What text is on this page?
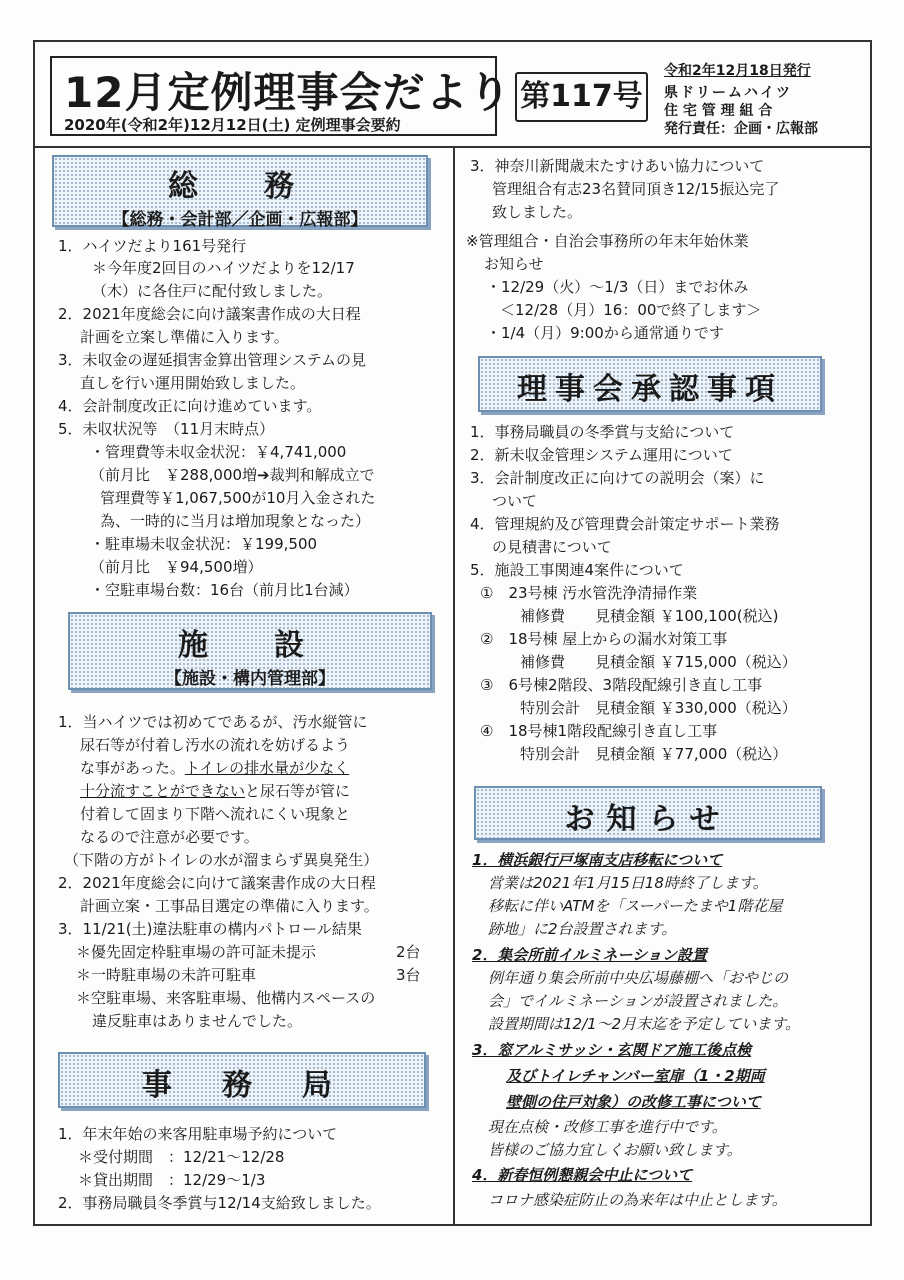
12月定例理事会だより
2020年(令和2年)12月12日(土) 定例理事会要約
第117号
令和2年12月18日発行
県ドリームハイツ
住 宅 管 理 組 合
発行責任：企画・広報部
総　務
【総務・会計部／企画・広報部】
1．ハイツだより161号発行
＊今年度2回目のハイツだよりを12/17
（木）に各住戸に配付致しました。
2．2021年度総会に向け議案書作成の大日程
計画を立案し準備に入ります。
3．未収金の遅延損害金算出管理システムの見
直しを行い運用開始致しました。
4．会計制度改正に向け進めています。
5．未収状況等　（11月末時点）
・管理費等未収金状況：￥4,741,000
（前月比　￥288,000増➔裁判和解成立で
管理費等￥1,067,500が10月入金された
為、一時的に当月は増加現象となった）
・駐車場未収金状況：￥199,500
（前月比　￥94,500増）
・空駐車場台数：16台（前月比1台減）
施　設
【施設・構内管理部】
1．当ハイツでは初めてであるが、汚水縦管に
尿石等が付着し汚水の流れを妨げるよう
な事があった。トイレの排水量が少なく
十分流すことができないと尿石等が管に
付着して固まり下階へ流れにくい現象と
なるので注意が必要です。
（下階の方がトイレの水が溜まらず異臭発生）
2．2021年度総会に向けて議案書作成の大日程
計画立案・工事品目選定の準備に入ります。
3．11/21(土)違法駐車の構内パトロール結果
＊優先固定枠駐車場の許可証未提示	2台
＊一時駐車場の未許可駐車	3台
＊空駐車場、来客駐車場、他構内スペースの
違反駐車はありませんでした。
事　務　局
1．年末年始の来客用駐車場予約について
＊受付期間　：12/21～12/28
＊貸出期間　：12/29～1/3
2．事務局職員冬季賞与12/14支給致しました。
3．神奈川新聞歳末たすけあい協力について
管理組合有志23名賛同頂き12/15振込完了
致しました。
※管理組合・自治会事務所の年末年始休業
お知らせ
・12/29（火）～1/3（日）までお休み
＜12/28（月）16：00で終了します＞
・1/4（月）9:00から通常通りです
理事会承認事項
1．事務局職員の冬季賞与支給について
2．新未収金管理システム運用について
3．会計制度改正に向けての説明会（案）に
ついて
4．管理規約及び管理費会計策定サポート業務
の見積書について
5．施設工事関連4案件について
①　23号棟 汚水管洗浄清掃作業
補修費　　見積金額 ￥100,100(税込)
②　18号棟 屋上からの漏水対策工事
補修費　　見積金額 ￥715,000（税込）
③　6号棟2階段、3階段配線引き直し工事
特別会計　見積金額 ￥330,000（税込）
④　18号棟1階段配線引き直し工事
特別会計　見積金額 ￥77,000（税込）
お知らせ
1．横浜銀行戸塚南支店移転について
営業は2021年1月15日18時終了します。
移転に伴いATMを「スーパーたまや1階花屋
跡地」に2台設置されます。
2．集会所前イルミネーション設置
例年通り集会所前中央広場藤棚へ「おやじの
会」でイルミネーションが設置されました。
設置期間は12/1～2月末迄を予定しています。
3．窓アルミサッシ・玄関ドア施工後点検
及びトイレチャンバー室扉（1・2期両
壁側の住戸対象）の改修工事について
現在点検・改修工事を進行中です。
皆様のご協力宜しくお願い致します。
4．新春恒例懇親会中止について
コロナ感染症防止の為来年は中止とします。
